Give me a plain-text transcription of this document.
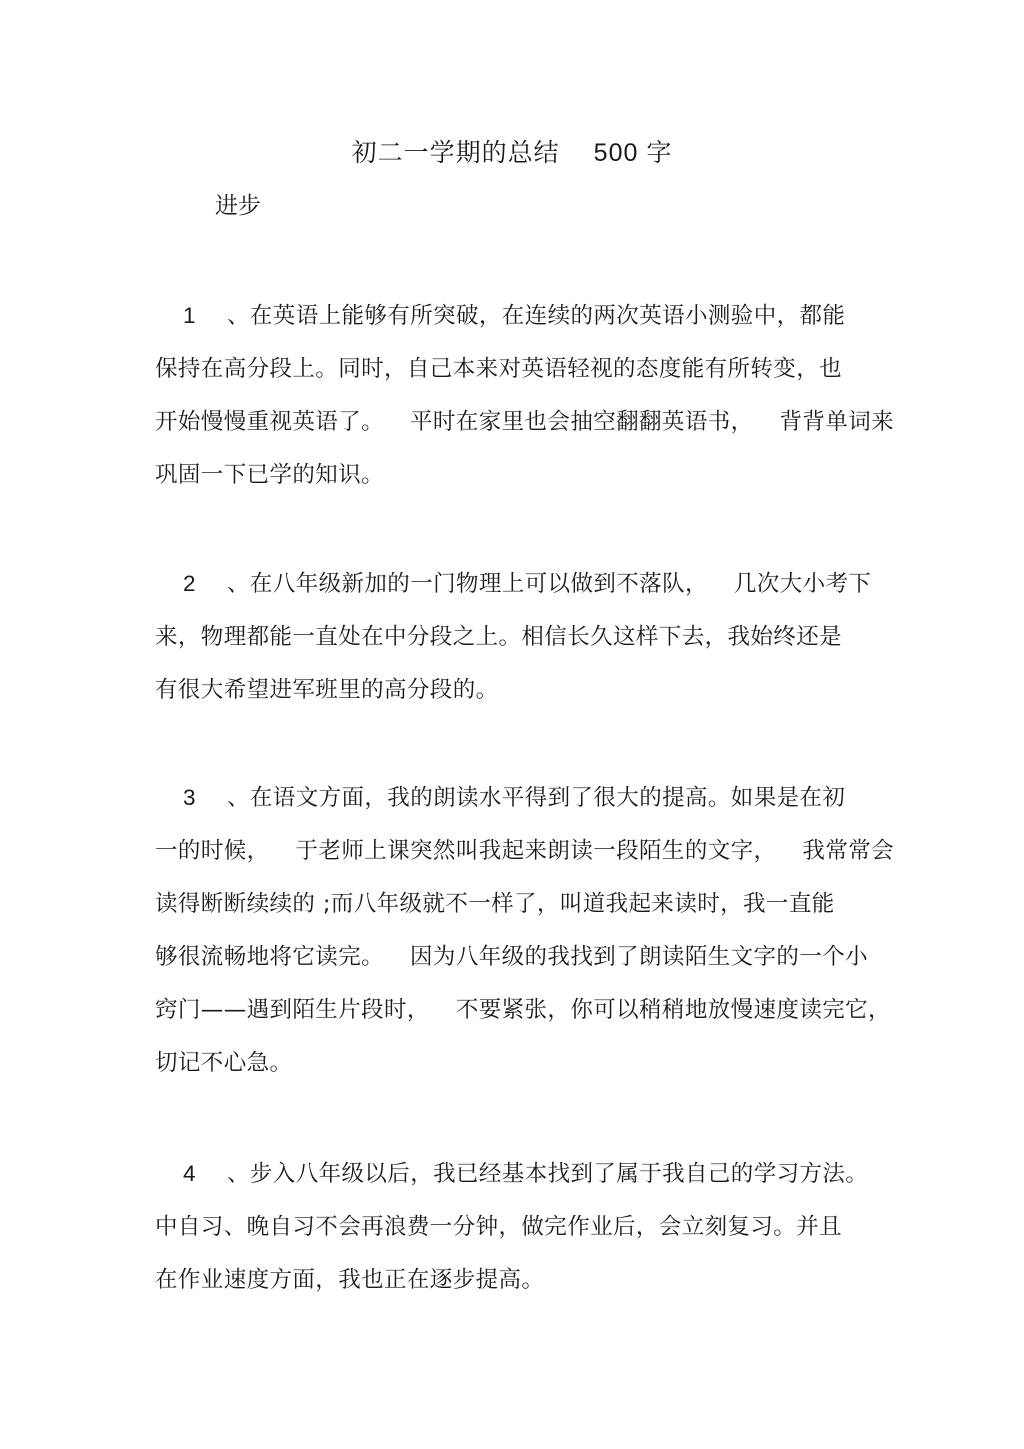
初二一学期的总结 500 字
进步
1 、在英语上能够有所突破，在连续的两次英语小测验中，都能
保持在高分段上。同时，自己本来对英语轻视的态度能有所转变，也
开始慢慢重视英语了。 平时在家里也会抽空翻翻英语书， 背背单词来
巩固一下已学的知识。
2 、在八年级新加的一门物理上可以做到不落队， 几次大小考下
来，物理都能一直处在中分段之上。相信长久这样下去，我始终还是
有很大希望进军班里的高分段的。
3 、在语文方面，我的朗读水平得到了很大的提高。如果是在初
一的时候， 于老师上课突然叫我起来朗读一段陌生的文字， 我常常会
读得断断续续的 ;而八年级就不一样了，叫道我起来读时，我一直能
够很流畅地将它读完。 因为八年级的我找到了朗读陌生文字的一个小
窍门——遇到陌生片段时， 不要紧张，你可以稍稍地放慢速度读完它，
切记不心急。
4 、步入八年级以后，我已经基本找到了属于我自己的学习方法。
中自习、晚自习不会再浪费一分钟，做完作业后，会立刻复习。并且
在作业速度方面，我也正在逐步提高。
